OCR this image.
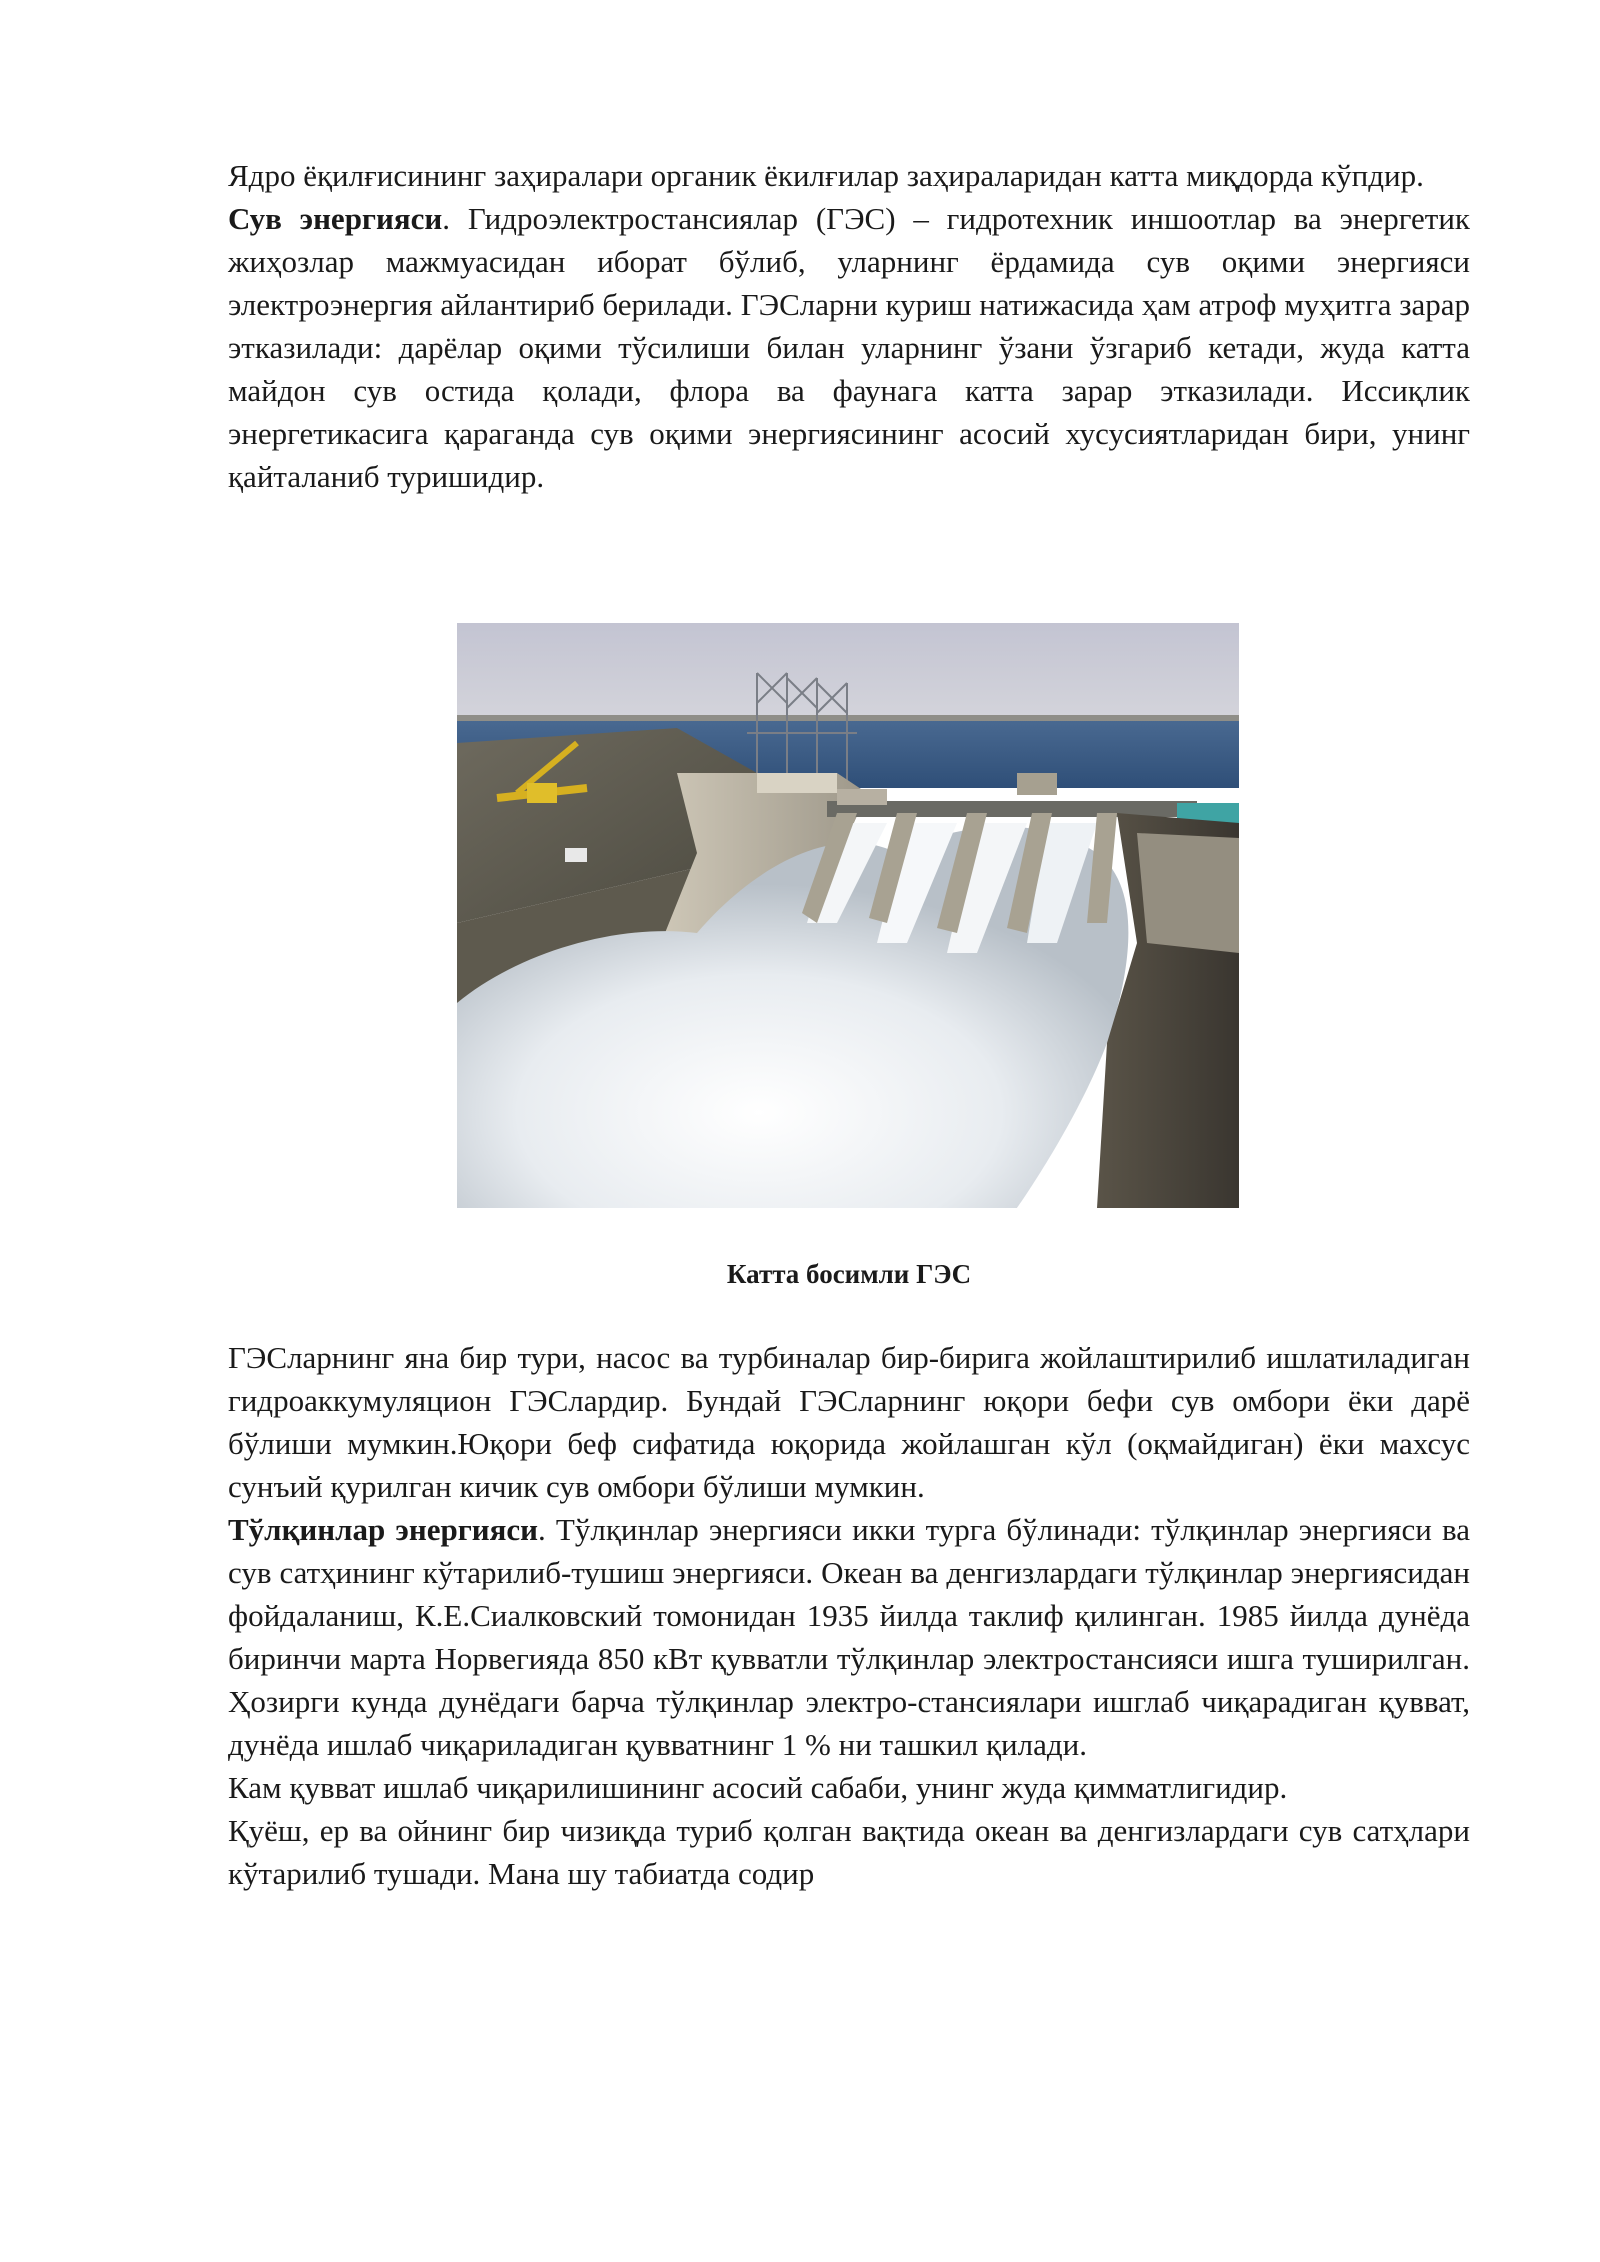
Ядро ёқилғисининг заҳиралари органик ёкилғилар заҳираларидан катта миқдорда кўпдир.

Сув энергияси. Гидроэлектростансиялар (ГЭС) – гидротехник иншоотлар ва энергетик жиҳозлар мажмуасидан иборат бўлиб, уларнинг ёрдамида сув оқими энергияси электроэнергия айлантириб берилади. ГЭСларни куриш натижасида ҳам атроф муҳитга зарар этказилади: дарёлар оқими тўсилиши билан уларнинг ўзани ўзгариб кетади, жуда катта майдон сув остида қолади, флора ва фаунага катта зарар этказилади. Иссиқлик энергетикасига қараганда сув оқими энергиясининг асосий хусусиятларидан бири, унинг қайталаниб туришидир.

Катта босимли ГЭС

ГЭСларнинг яна бир тури, насос ва турбиналар бир-бирига жойлаштирилиб ишлатиладиган гидроаккумуляцион ГЭСлардир. Бундай ГЭСларнинг юқори бефи сув омбори ёки дарё бўлиши мумкин.Юқори беф сифатида юқорида жойлашган кўл (оқмайдиган) ёки махсус сунъий қурилган кичик сув омбори бўлиши мумкин.

Тўлқинлар энергияси. Тўлқинлар энергияси икки турга бўлинади: тўлқинлар энергияси ва сув сатҳининг кўтарилиб-тушиш энергияси. Океан ва денгизлардаги тўлқинлар энергиясидан фойдаланиш, К.Е.Сиалковский томонидан 1935 йилда таклиф қилинган. 1985 йилда дунёда биринчи марта Норвегияда 850 кВт қувватли тўлқинлар электростансияси ишга туширилган. Ҳозирги кунда дунёдаги барча тўлқинлар электро-стансиялари ишглаб чиқарадиган қувват, дунёда ишлаб чиқариладиган қувватнинг 1 % ни ташкил қилади.

Кам қувват ишлаб чиқарилишининг асосий сабаби, унинг жуда қимматлигидир.

Қуёш, ер ва ойнинг бир чизиқда туриб қолган вақтида океан ва денгизлардаги сув сатҳлари кўтарилиб тушади. Мана шу табиатда содир
